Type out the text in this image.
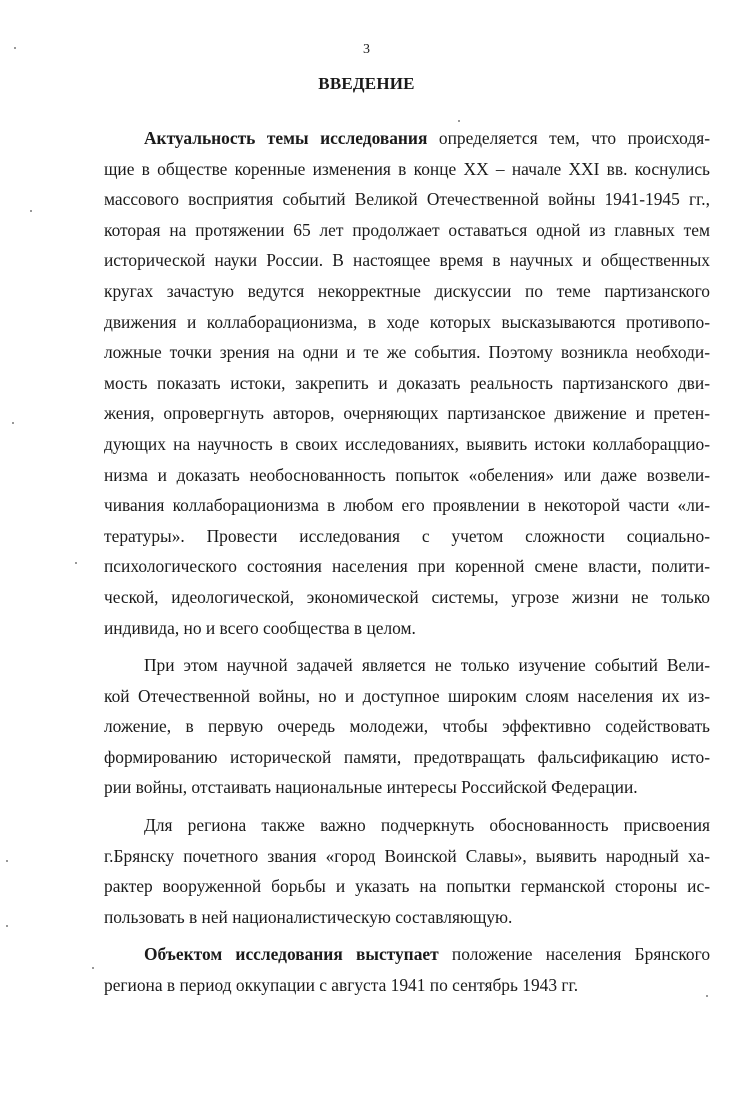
3
ВВЕДЕНИЕ

Актуальность темы исследования определяется тем, что происходя-
щие в обществе коренные изменения в конце XX – начале XXI вв. коснулись
массового восприятия событий Великой Отечественной войны 1941-1945 гг.,
которая на протяжении 65 лет продолжает оставаться одной из главных тем
исторической науки России. В настоящее время в научных и общественных
кругах зачастую ведутся некорректные дискуссии по теме партизанского
движения и коллаборационизма, в ходе которых высказываются противопо-
ложные точки зрения на одни и те же события. Поэтому возникла необходи-
мость показать истоки, закрепить и доказать реальность партизанского дви-
жения, опровергнуть авторов, очерняющих партизанское движение и претен-
дующих на научность в своих исследованиях, выявить истоки коллабораццио-
низма и доказать необоснованность попыток «обеления» или даже возвели-
чивания коллаборационизма в любом его проявлении в некоторой части «ли-
тературы». Провести исследования с учетом сложности социально-
психологического состояния населения при коренной смене власти, полити-
ческой, идеологической, экономической системы, угрозе жизни не только
индивида, но и всего сообщества в целом.

При этом научной задачей является не только изучение событий Вели-
кой Отечественной войны, но и доступное широким слоям населения их из-
ложение, в первую очередь молодежи, чтобы эффективно содействовать
формированию исторической памяти, предотвращать фальсификацию исто-
рии войны, отстаивать национальные интересы Российской Федерации.

Для региона также важно подчеркнуть обоснованность присвоения
г.Брянску почетного звания «город Воинской Славы», выявить народный ха-
рактер вооруженной борьбы и указать на попытки германской стороны ис-
пользовать в ней националистическую составляющую.

Объектом исследования выступает положение населения Брянского
региона в период оккупации с августа 1941 по сентябрь 1943 гг.
